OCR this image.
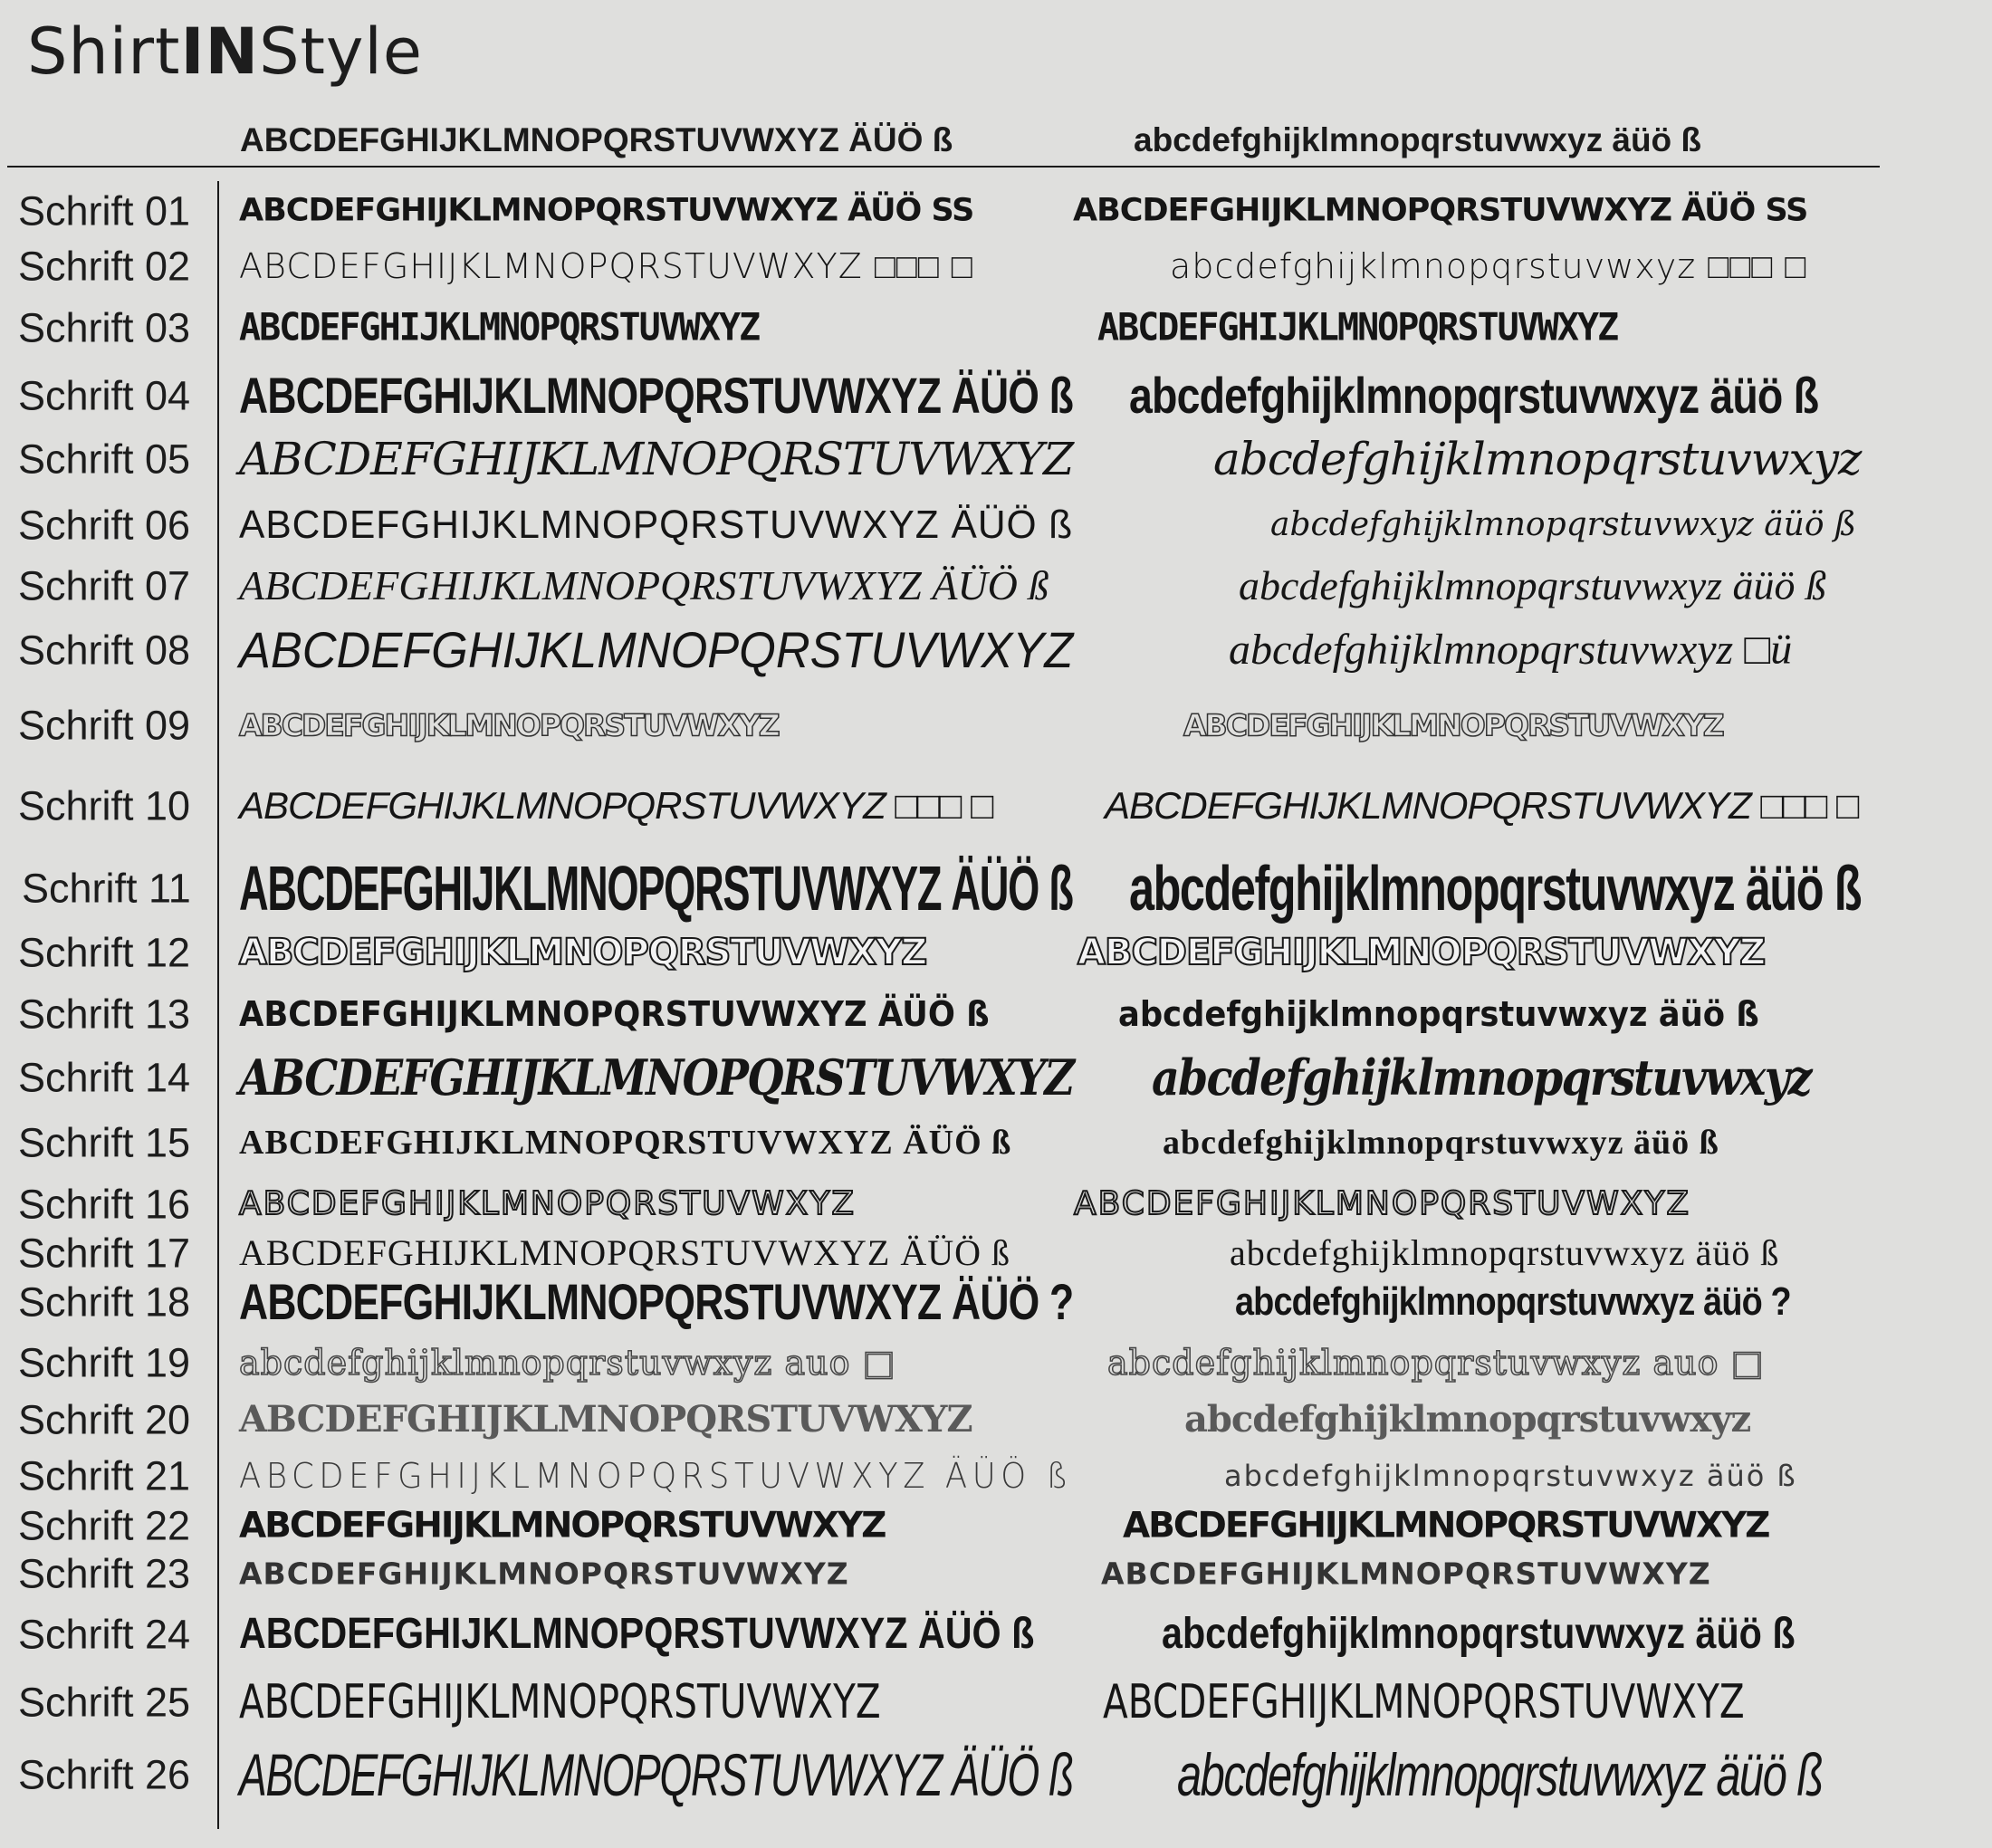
ShirtINStyle
ABCDEFGHIJKLMNOPQRSTUVWXYZ ÄÜÖ ß	abcdefghijklmnopqrstuvwxyz äüö ß
Schrift 01 ABCDEFGHIJKLMNOPQRSTUVWXYZ ÄÜÖ SS	ABCDEFGHIJKLMNOPQRSTUVWXYZ ÄÜÖ SS
Schrift 02 ABCDEFGHIJKLMNOPQRSTUVWXYZ □□□ □	abcdefghijklmnopqrstuvwxyz □□□ □
Schrift 03 ABCDEFGHIJKLMNOPQRSTUVWXYZ	ABCDEFGHIJKLMNOPQRSTUVWXYZ
Schrift 04 ABCDEFGHIJKLMNOPQRSTUVWXYZ ÄÜÖ ß abcdefghijklmnopqrstuvwxyz äüö ß
Schrift 05 ABCDEFGHIJKLMNOPQRSTUVWXYZ	abcdefghijklmnopqrstuvwxyz
Schrift 06 ABCDEFGHIJKLMNOPQRSTUVWXYZ ÄÜÖ ß	abcdefghijklmnopqrstuvwxyz äüö ß
Schrift 07 ABCDEFGHIJKLMNOPQRSTUVWXYZ ÄÜÖ ß	abcdefghijklmnopqrstuvwxyz äüö ß
Schrift 08 ABCDEFGHIJKLMNOPQRSTUVWXYZ	abcdefghijklmnopqrstuvwxyz □ü
Schrift 09 ABCDEFGHIJKLMNOPQRSTUVWXYZ	ABCDEFGHIJKLMNOPQRSTUVWXYZ
Schrift 10 ABCDEFGHIJKLMNOPQRSTUVWXYZ □□□ □	ABCDEFGHIJKLMNOPQRSTUVWXYZ □□□ □
Schrift 11 ABCDEFGHIJKLMNOPQRSTUVWXYZ ÄÜÖ ß abcdefghijklmnopqrstuvwxyz äüö ß
Schrift 12 ABCDEFGHIJKLMNOPQRSTUVWXYZ	ABCDEFGHIJKLMNOPQRSTUVWXYZ
Schrift 13 ABCDEFGHIJKLMNOPQRSTUVWXYZ ÄÜÖ ß	abcdefghijklmnopqrstuvwxyz äüö ß
Schrift 14 ABCDEFGHIJKLMNOPQRSTUVWXYZ abcdefghijklmnopqrstuvwxyz
Schrift 15 ABCDEFGHIJKLMNOPQRSTUVWXYZ ÄÜÖ ß	abcdefghijklmnopqrstuvwxyz äüö ß
Schrift 16 ABCDEFGHIJKLMNOPQRSTUVWXYZ	ABCDEFGHIJKLMNOPQRSTUVWXYZ
Schrift 17 ABCDEFGHIJKLMNOPQRSTUVWXYZ ÄÜÖ ß	abcdefghijklmnopqrstuvwxyz äüö ß
Schrift 18 ABCDEFGHIJKLMNOPQRSTUVWXYZ ÄÜÖ ?	abcdefghijklmnopqrstuvwxyz äüö ?
Schrift 19 abcdefghijklmnopqrstuvwxyz auo □	abcdefghijklmnopqrstuvwxyz auo □
Schrift 20 ABCDEFGHIJKLMNOPQRSTUVWXYZ	abcdefghijklmnopqrstuvwxyz
Schrift 21 ABCDEFGHIJKLMNOPQRSTUVWXYZ ÄÜÖ ß	abcdefghijklmnopqrstuvwxyz äüö ß
Schrift 22 ABCDEFGHIJKLMNOPQRSTUVWXYZ	ABCDEFGHIJKLMNOPQRSTUVWXYZ
Schrift 23 ABCDEFGHIJKLMNOPQRSTUVWXYZ	ABCDEFGHIJKLMNOPQRSTUVWXYZ
Schrift 24 ABCDEFGHIJKLMNOPQRSTUVWXYZ ÄÜÖ ß	abcdefghijklmnopqrstuvwxyz äüö ß
Schrift 25 ABCDEFGHIJKLMNOPQRSTUVWXYZ	ABCDEFGHIJKLMNOPQRSTUVWXYZ
Schrift 26 ABCDEFGHIJKLMNOPQRSTUVWXYZ ÄÜÖ ß abcdefghijklmnopqrstuvwxyz äüö ß
